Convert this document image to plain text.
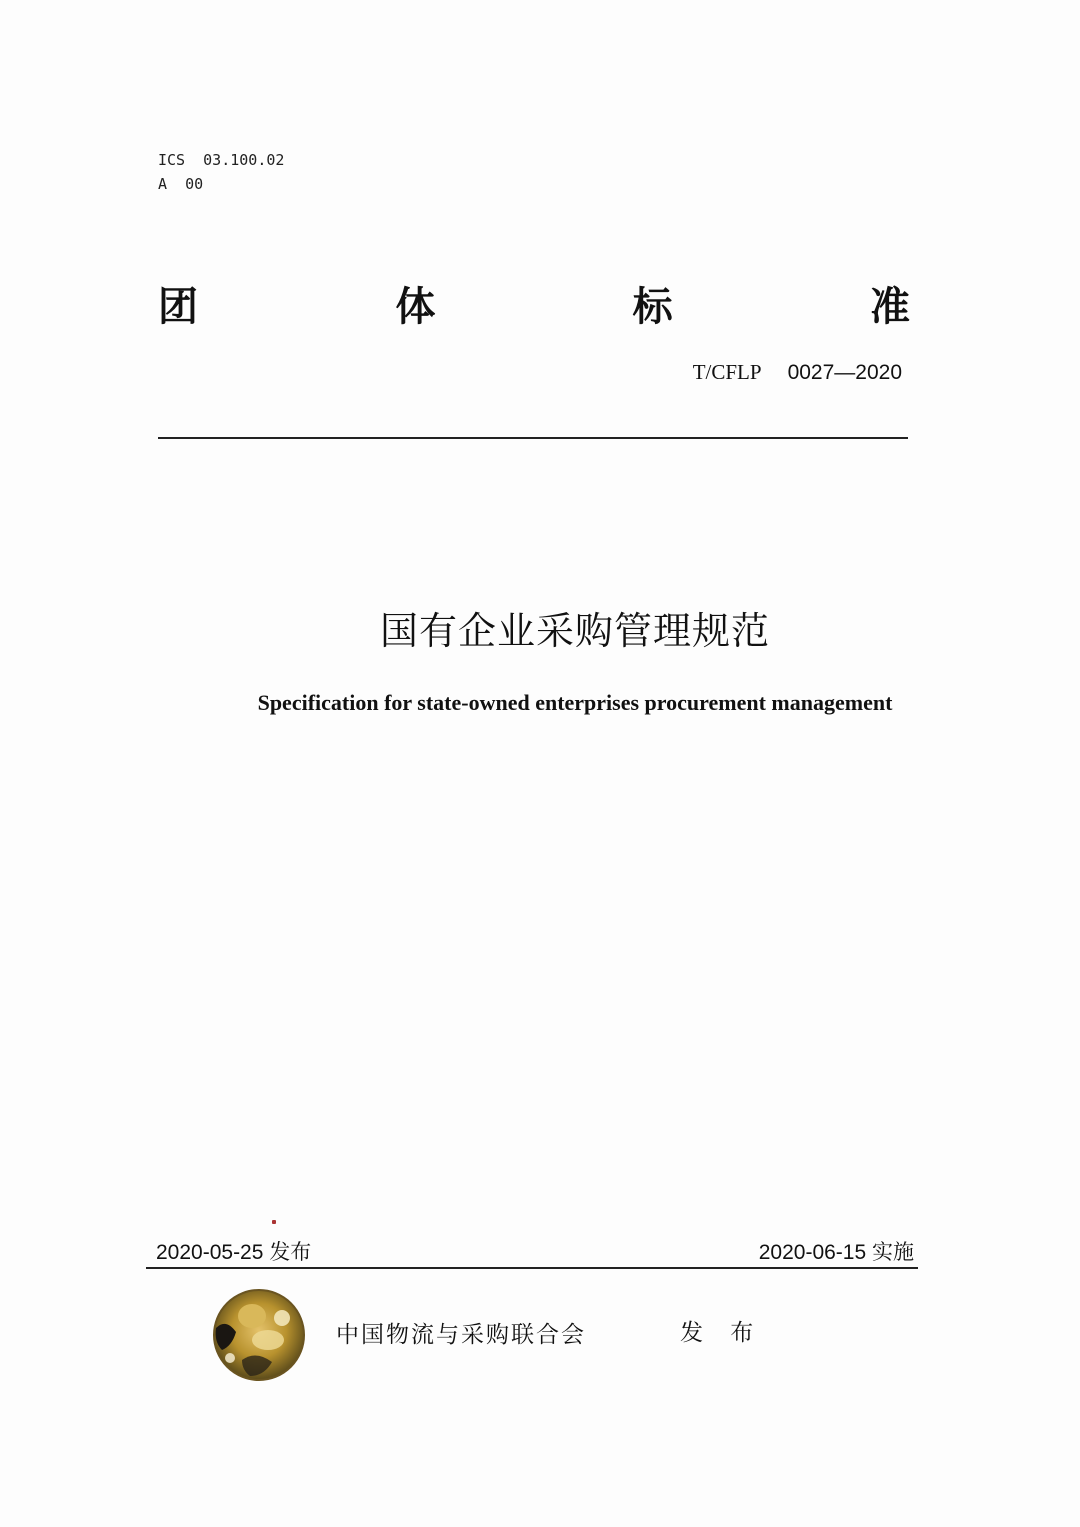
ICS  03.100.02
A  00
团	体	标	准
T/CFLP 0027—2020
国有企业采购管理规范
Specification for state-owned enterprises procurement management
2020-05-25 发布	2020-06-15 实施
中国物流与采购联合会	发 布
